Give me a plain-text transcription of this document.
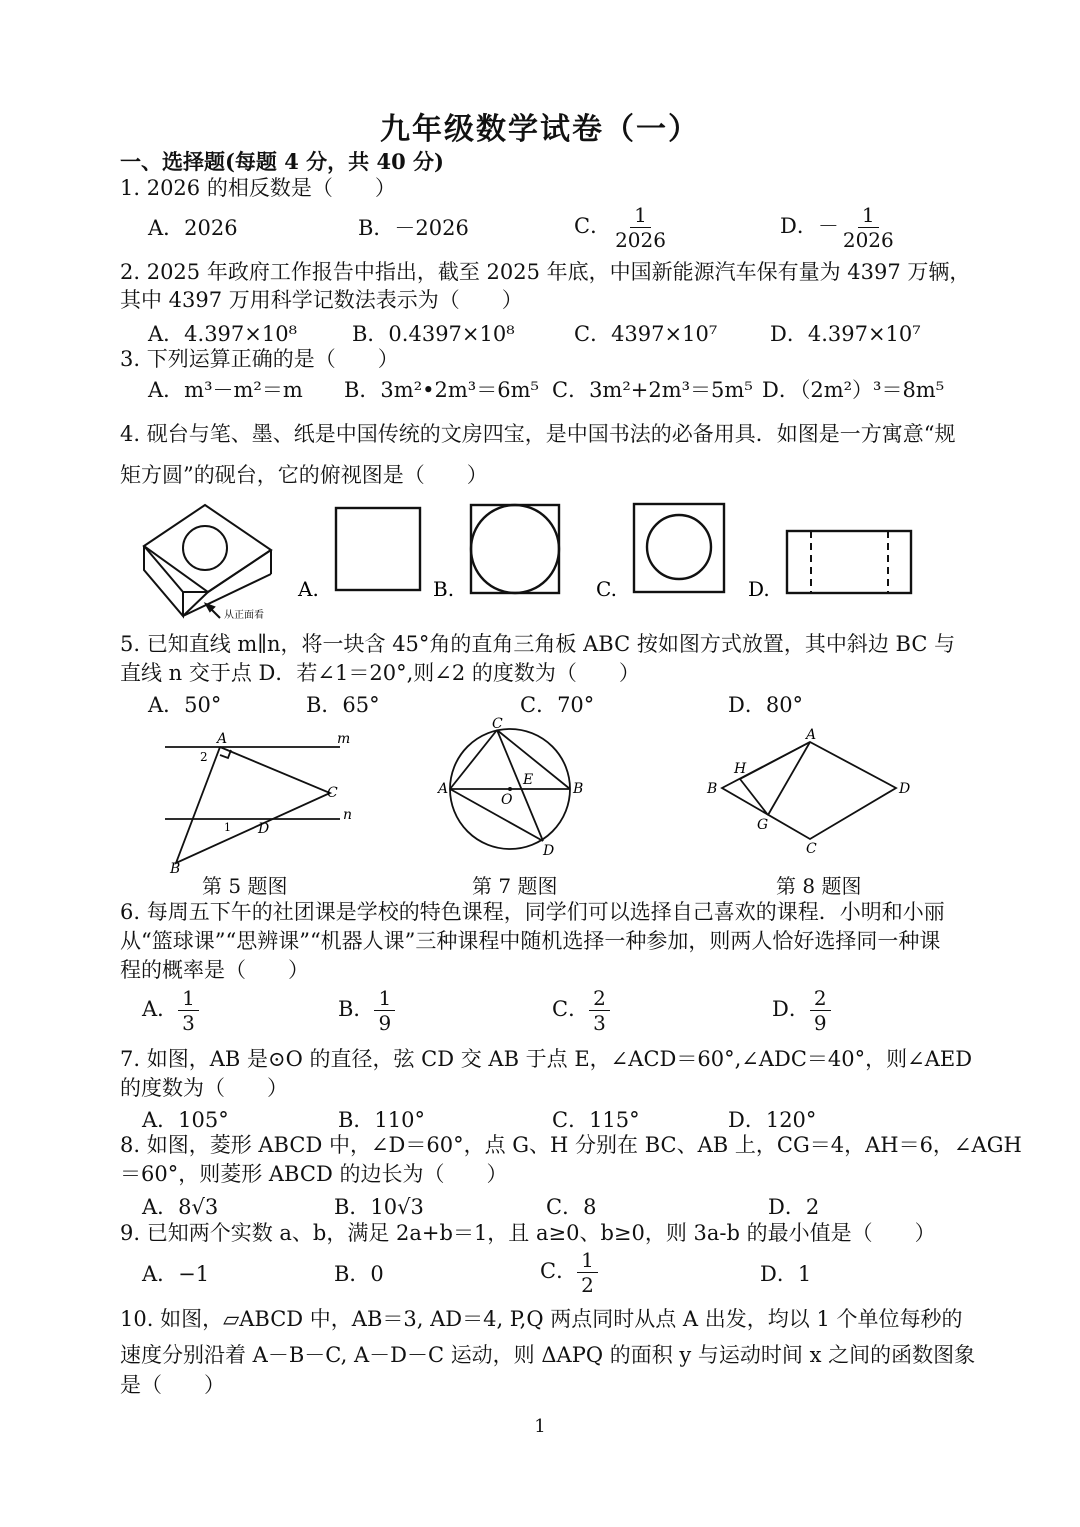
九年级数学试卷（一）
一、选择题(每题 4 分，共 40 分)
1. 2026 的相反数是（　　）
A．2026	B．－2026	C． $\frac{1}{2026}$	D．－ $\frac{1}{2026}$
2. 2025 年政府工作报告中指出，截至 2025 年底，中国新能源汽车保有量为 4397 万辆，
其中 4397 万用科学记数法表示为（　　）
A．4.397×10⁸	B．0.4397×10⁸	C．4397×10⁷	D．4.397×10⁷
3. 下列运算正确的是（　　）
A．m³－m²＝m B．3m²•2m³＝6m⁵ C．3m²+2m³＝5m⁵ D．（2m²）³＝8m⁵
4. 砚台与笔、墨、纸是中国传统的文房四宝，是中国书法的必备用具．如图是一方寓意“规
矩方圆”的砚台，它的俯视图是（　　）
从正面看
A.	B.	C.	D.
5. 已知直线 m∥n，将一块含 45°角的直角三角板 ABC 按如图方式放置，其中斜边 BC 与
直线 n 交于点 D．若∠1＝20°,则∠2 的度数为（　　）
A．50°	B．65°	C．70°	D．80°
A
B
C
D
m
n
1
2
C
A	B
D
E
O
A
B
C
D
G
H
第 5 题图	第 7 题图	第 8 题图
6. 每周五下午的社团课是学校的特色课程，同学们可以选择自己喜欢的课程．小明和小丽
从“篮球课”“思辨课”“机器人课”三种课程中随机选择一种参加，则两人恰好选择同一种课
程的概率是（　　）
A． $\frac{1}{3}$	B． $\frac{1}{9}$	C． $\frac{2}{3}$	D． $\frac{2}{9}$
7. 如图，AB 是⊙O 的直径，弦 CD 交 AB 于点 E，∠ACD＝60°,∠ADC＝40°，则∠AED
的度数为（　　）
A．105°	B．110°	C．115°	D．120°
8. 如图，菱形 ABCD 中，∠D＝60°，点 G、H 分别在 BC、AB 上，CG＝4，AH＝6，∠AGH
＝60°，则菱形 ABCD 的边长为（　　）
A．8√3	B．10√3	C．8	D．2
9. 已知两个实数 a、b，满足 2a+b＝1，且 a≥0、b≥0，则 3a-b 的最小值是（　　）
A．−1	B．0	C． $\frac{1}{2}$	D．1
10. 如图，▱ABCD 中，AB＝3, AD＝4, P,Q 两点同时从点 A 出发，均以 1 个单位每秒的
速度分别沿着 A－B－C, A－D－C 运动，则 ΔAPQ 的面积 y 与运动时间 x 之间的函数图象
是（　　）
1
